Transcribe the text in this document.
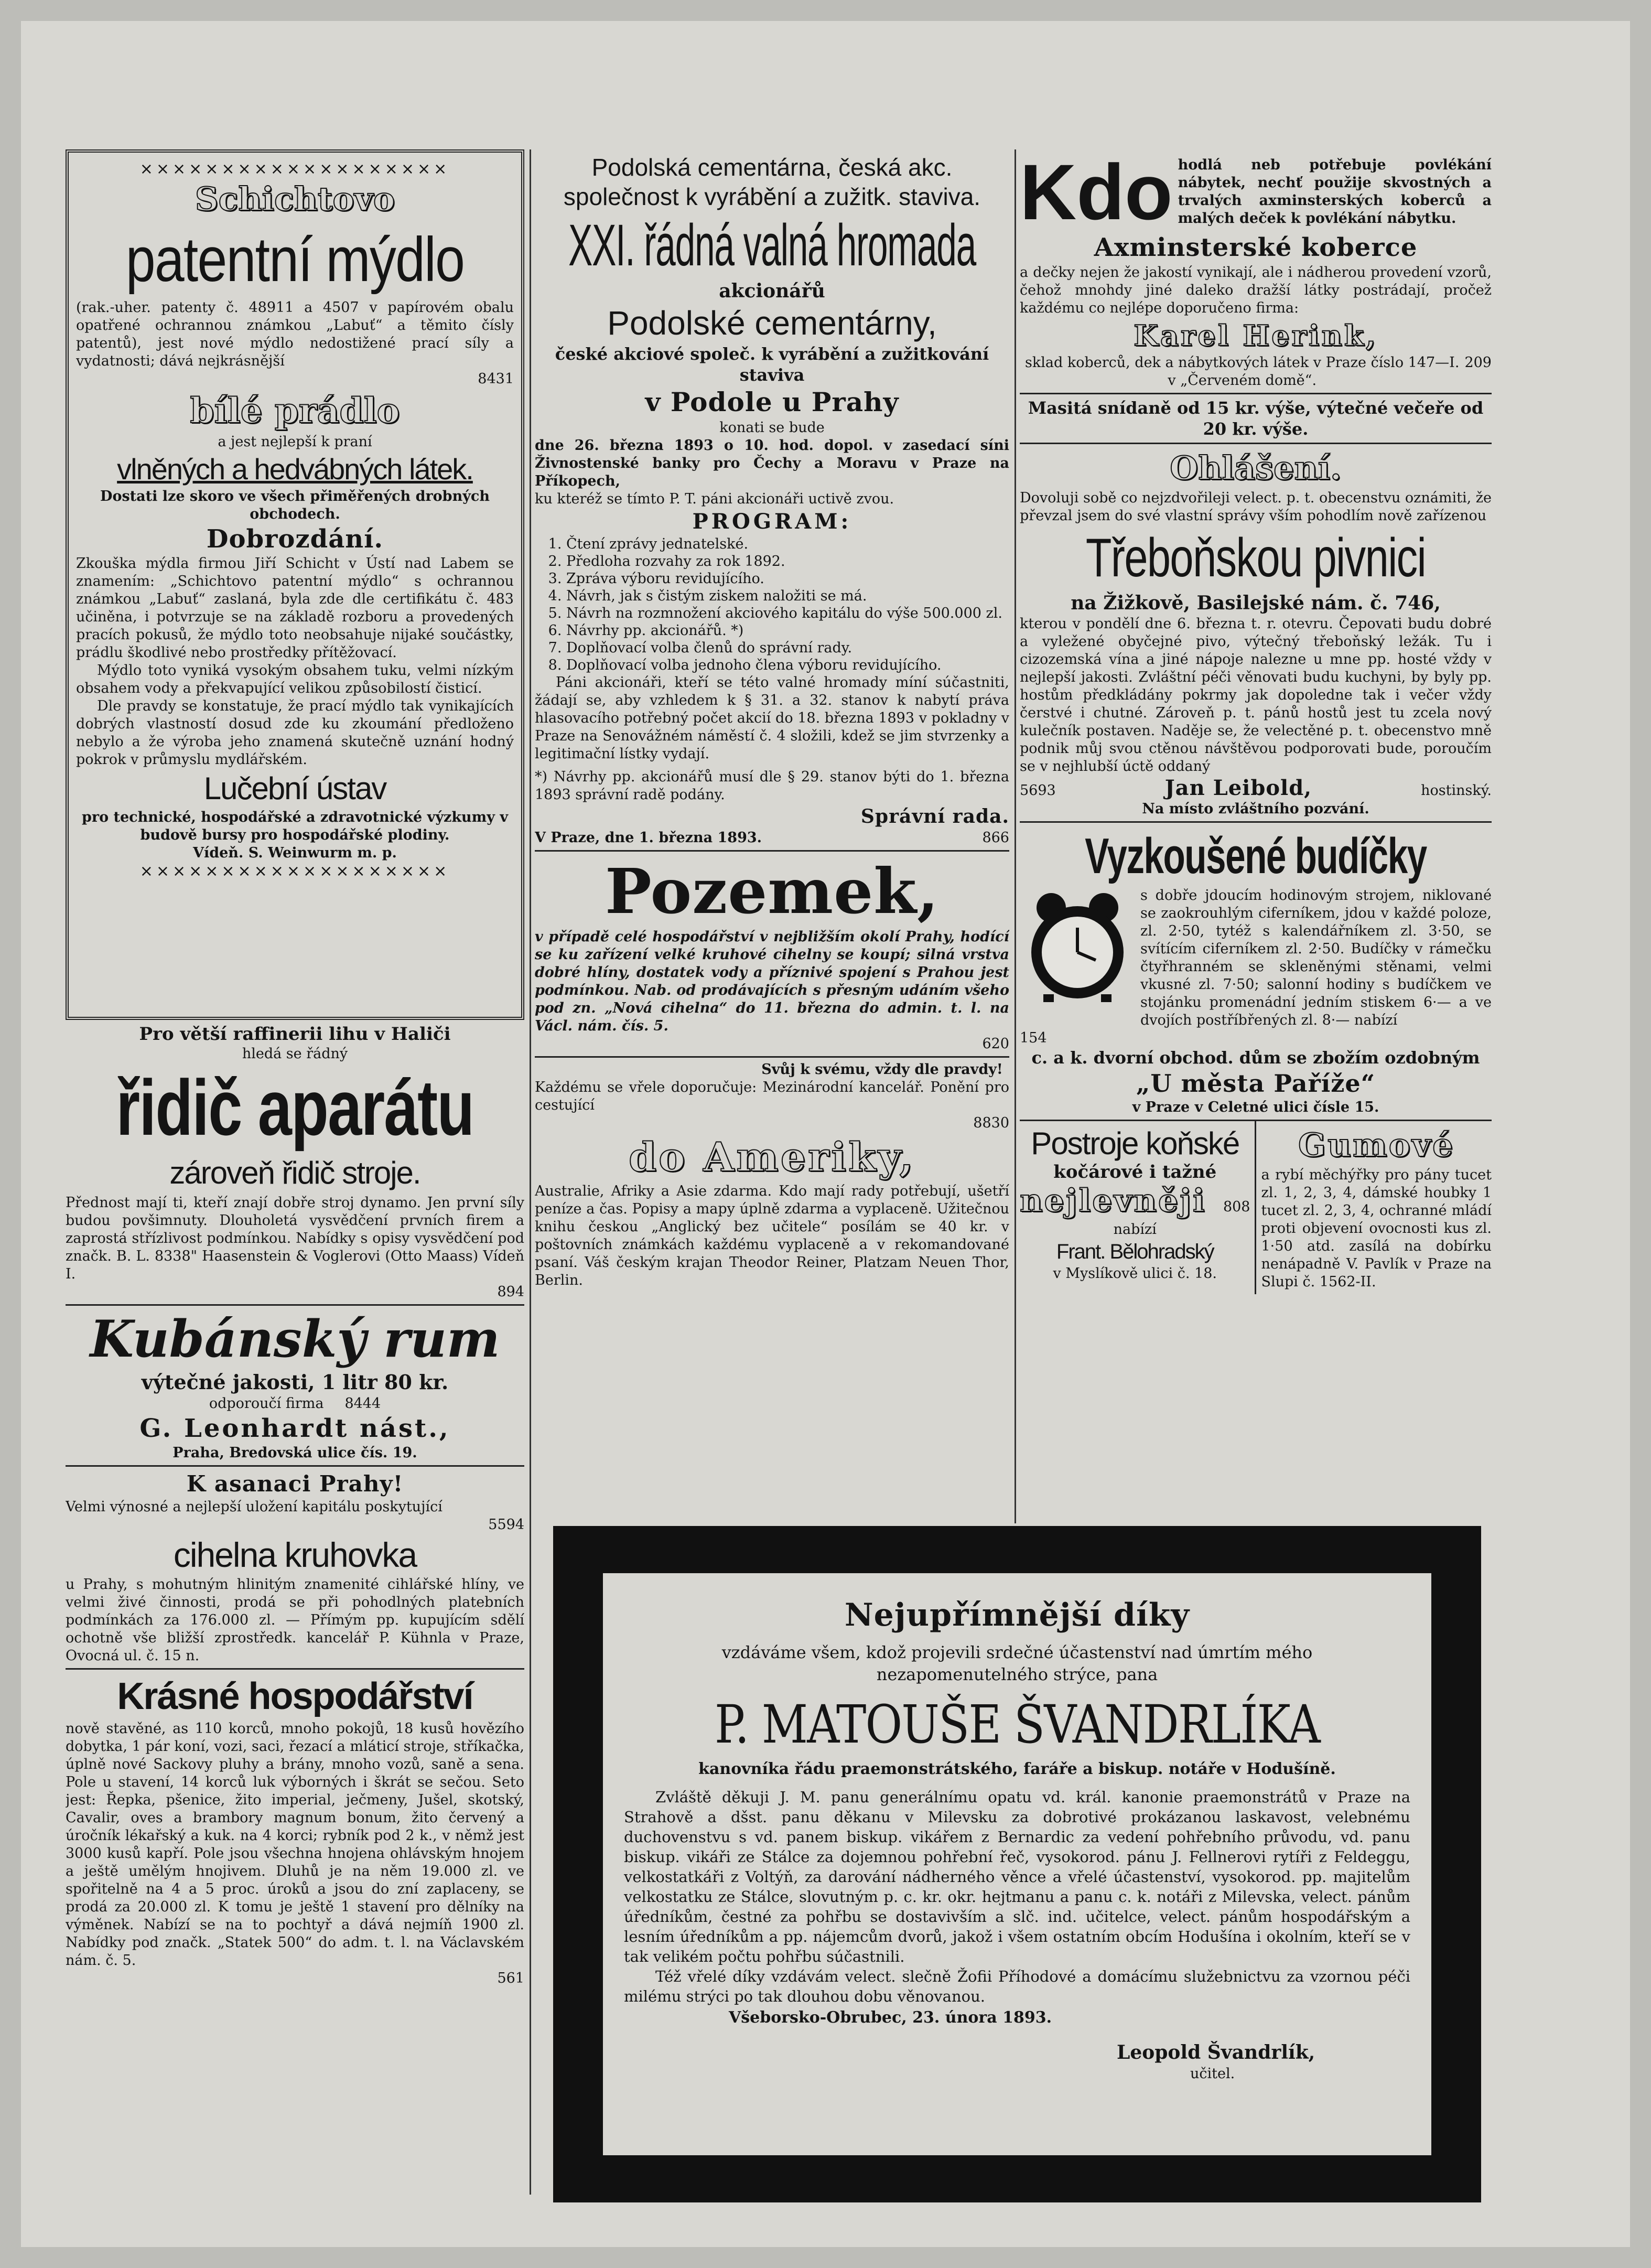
×××××××××××××××××××

Schichtovo

patentní mýdlo

(rak.-uher. patenty č. 48911 a 4507 v papírovém obalu opatřené ochrannou známkou „Labuť“ a těmito čísly patentů), jest nové mýdlo nedostižené prací síly a vydatnosti; dává nejkrásnější

8431

bílé prádlo

a jest nejlepší k praní

vlněných a hedvábných látek.

Dostati lze skoro ve všech přiměřených drobných obchodech.

Dobrozdání.

Zkouška mýdla firmou Jiří Schicht v Ústí nad Labem se znamením: „Schichtovo patentní mýdlo“ s ochrannou známkou „Labuť“ zaslaná, byla zde dle certifikátu č. 483 učiněna, i potvrzuje se na základě rozboru a provedených pracích pokusů, že mýdlo toto neobsahuje nijaké součástky, prádlu škodlivé nebo prostředky přítěžovací.

Mýdlo toto vyniká vysokým obsahem tuku, velmi nízkým obsahem vody a překvapující velikou způsobilostí čisticí.

Dle pravdy se konstatuje, že prací mýdlo tak vynikajících dobrých vlastností dosud zde ku zkoumání předloženo nebylo a že výroba jeho znamená skutečně uznání hodný pokrok v průmyslu mydlářském.

Lučební ústav

pro technické, hospodářské a zdravotnické výzkumy v budově bursy pro hospodářské plodiny.

Vídeň. S. Weinwurm m. p.

×××××××××××××××××××

Pro větší raffinerii lihu v Haliči

hledá se řádný

řidič aparátu

zároveň řidič stroje.

Přednost mají ti, kteří znají dobře stroj dynamo. Jen první síly budou povšimnuty. Dlouholetá vysvědčení prvních firem a zaprostá střízlivost podmínkou. Nabídky s opisy vysvědčení pod značk. B. L. 8338" Haasenstein & Voglerovi (Otto Maass) Vídeň I.

894

Kubánský rum

výtečné jakosti, 1 litr 80 kr.

odporoučí firma 8444

G. Leonhardt nást.,

Praha, Bredovská ulice čís. 19.

K asanaci Prahy!

Velmi výnosné a nejlepší uložení kapitálu poskytující

5594

cihelna kruhovka

u Prahy, s mohutným hlinitým znamenité cihlářské hlíny, ve velmi živé činnosti, prodá se při pohodlných platebních podmínkách za 176.000 zl. — Přímým pp. kupujícím sdělí ochotně vše bližší zprostředk. kancelář P. Kühnla v Praze, Ovocná ul. č. 15 n.

Krásné hospodářství

nově stavěné, as 110 korců, mnoho pokojů, 18 kusů hovězího dobytka, 1 pár koní, vozi, saci, řezací a mláticí stroje, stříkačka, úplně nové Sackovy pluhy a brány, mnoho vozů, saně a sena. Pole u stavení, 14 korců luk výborných i škrát se sečou. Seto jest: Řepka, pšenice, žito imperial, ječmeny, Jušel, skotský, Cavalir, oves a brambory magnum bonum, žito červený a úročník lékařský a kuk. na 4 korci; rybník pod 2 k., v němž jest 3000 kusů kapří. Pole jsou všechna hnojena ohlávským hnojem a ještě umělým hnojivem. Dluhů je na něm 19.000 zl. ve spořitelně na 4 a 5 proc. úroků a jsou do zní zaplaceny, se prodá za 20.000 zl. K tomu je ještě 1 stavení pro dělníky na výměnek. Nabízí se na to pochtyř a dává nejmíň 1900 zl. Nabídky pod značk. „Statek 500“ do adm. t. l. na Václavském nám. č. 5.

561

Podolská cementárna, česká akc. společnost k vyrábění a zužitk. staviva.

XXI. řádná valná hromada

akcionářů

Podolské cementárny,

české akciové společ. k vyrábění a zužitkování staviva

v Podole u Prahy

konati se bude

dne 26. března 1893 o 10. hod. dopol. v zasedací síni Živnostenské banky pro Čechy a Moravu v Praze na Příkopech,

ku kteréž se tímto P. T. páni akcionáři uctivě zvou.

PROGRAM:

1. Čtení zprávy jednatelské.
2. Předloha rozvahy za rok 1892.
3. Zpráva výboru revidujícího.
4. Návrh, jak s čistým ziskem naložiti se má.
5. Návrh na rozmnožení akciového kapitálu do výše 500.000 zl.
6. Návrhy pp. akcionářů. *)
7. Doplňovací volba členů do správní rady.
8. Doplňovací volba jednoho člena výboru revidujícího.

Páni akcionáři, kteří se této valné hromady míní súčastniti, žádají se, aby vzhledem k § 31. a 32. stanov k nabytí práva hlasovacího potřebný počet akcií do 18. března 1893 v pokladny v Praze na Senovážném náměstí č. 4 složili, kdež se jim stvrzenky a legitimační lístky vydají.

*) Návrhy pp. akcionářů musí dle § 29. stanov býti do 1. března 1893 správní radě podány.

Správní rada.

V Praze, dne 1. března 1893.	866

Pozemek,

v případě celé hospodářství v nejbližším okolí Prahy, hodící se ku zařízení velké kruhové cihelny se koupí; silná vrstva dobré hlíny, dostatek vody a příznivé spojení s Prahou jest podmínkou. Nab. od prodávajících s přesným udáním všeho pod zn. „Nová cihelna“ do 11. března do admin. t. l. na Václ. nám. čís. 5.

620

Svůj k svému, vždy dle pravdy!

Každému se vřele doporučuje: Mezinárodní kancelář. Ponění pro cestující

8830

do Ameriky,

Australie, Afriky a Asie zdarma. Kdo mají rady potřebují, ušetří peníze a čas. Popisy a mapy úplně zdarma a vyplaceně. Užitečnou knihu českou „Anglický bez učitele“ posílám se 40 kr. v poštovních známkách každému vyplaceně a v rekomandované psaní. Váš českým krajan Theodor Reiner, Platzam Neuen Thor, Berlin.

Kdo hodlá neb potřebuje povlékání nábytek, nechť použije skvostných a trvalých axminsterských koberců a malých deček k povlékání nábytku.

Axminsterské koberce

a dečky nejen že jakostí vynikají, ale i nádherou provedení vzorů, čehož mnohdy jiné daleko dražší látky postrádají, pročež každému co nejlépe doporučeno firma:

Karel Herink,

sklad koberců, dek a nábytkových látek v Praze číslo 147—I. v „Červeném domě“.

209

Masitá snídaně od 15 kr. výše, výtečné večeře od 20 kr. výše.

Ohlášení.

Dovoluji sobě co nejzdvořileji velect. p. t. obecenstvu oznámiti, že převzal jsem do své vlastní správy vším pohodlím nově zařízenou

Třeboňskou pivnici

na Žižkově, Basilejské nám. č. 746,

kterou v pondělí dne 6. března t. r. otevru. Čepovati budu dobré a vyležené obyčejné pivo, výtečný třeboňský ležák. Tu i cizozemská vína a jiné nápoje nalezne u mne pp. hosté vždy v nejlepší jakosti. Zvláštní péči věnovati budu kuchyni, by byly pp. hostům předkládány pokrmy jak dopoledne tak i večer vždy čerstvé i chutné. Zároveň p. t. pánů hostů jest tu zcela nový kulečník postaven. Naděje se, že velectěné p. t. obecenstvo mně podnik můj svou ctěnou návštěvou podporovati bude, poroučím se v nejhlubší úctě oddaný

5693	Jan Leibold,	hostinský.

Na místo zvláštního pozvání.

Vyzkoušené budíčky

s dobře jdoucím hodinovým strojem, niklované se zaokrouhlým ciferníkem, jdou v každé poloze, zl. 2·50, tytéž s kalendářníkem zl. 3·50, se svítícím ciferníkem zl. 2·50. Budíčky v rámečku čtyřhranném se skleněnými stěnami, velmi vkusné zl. 7·50; salonní hodiny s budíčkem ve stojánku promenádní jedním stiskem 6·— a ve dvojích postříbřených zl. 8·— nabízí

154

c. a k. dvorní obchod. dům se zbožím ozdobným

„U města Paříže“

v Praze v Celetné ulici čísle 15.

Postroje koňské

kočárové i tažné

nejlevněji 808

nabízí

Frant. Bělohradský

v Myslíkově ulici č. 18.

Gumové

a rybí měchýřky pro pány tucet zl. 1, 2, 3, 4, dámské houbky 1 tucet zl. 2, 3, 4, ochranné mládí proti objevení ovocnosti kus zl. 1·50 atd. zasílá na dobírku nenápadně V. Pavlík v Praze na Slupi č. 1562-II.

Nejupřímnější díky

vzdáváme všem, kdož projevili srdečné účastenství nad úmrtím mého nezapomenutelného strýce, pana

P. MATOUŠE ŠVANDRLÍKA

kanovníka řádu praemonstrátského, faráře a biskup. notáře v Hodušíně.

Zvláště děkuji J. M. panu generálnímu opatu vd. král. kanonie praemonstrátů v Praze na Strahově a dšst. panu děkanu v Milevsku za dobrotivé prokázanou laskavost, velebnému duchovenstvu s vd. panem biskup. vikářem z Bernardic za vedení pohřebního průvodu, vd. panu biskup. vikáři ze Stálce za dojemnou pohřební řeč, vysokorod. pánu J. Fellnerovi rytíři z Feldeggu, velkostatkáři z Voltýň, za darování nádherného věnce a vřelé účastenství, vysokorod. pp. majitelům velkostatku ze Stálce, slovutným p. c. kr. okr. hejtmanu a panu c. k. notáři z Milevska, velect. pánům úředníkům, čestné za pohřbu se dostavivším a slč. ind. učitelce, velect. pánům hospodářským a lesním úředníkům a pp. nájemcům dvorů, jakož i všem ostatním obcím Hodušína i okolním, kteří se v tak velikém počtu pohřbu súčastnili.

Též vřelé díky vzdávám velect. slečně Žofii Příhodové a domácímu služebnictvu za vzornou péči milému strýci po tak dlouhou dobu věnovanou.

Všeborsko-Obrubec, 23. února 1893.

Leopold Švandrlík,

učitel.
